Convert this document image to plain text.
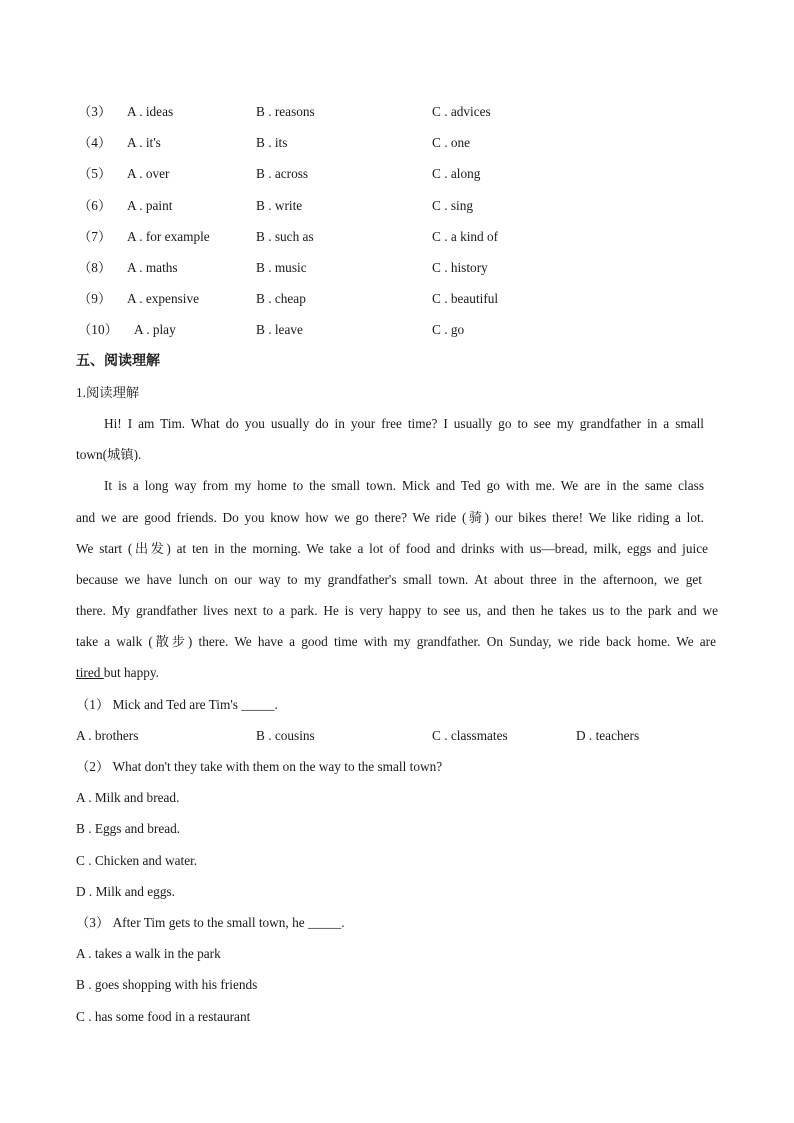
（3） A . ideas	B . reasons	C . advices
（4） A . it's	B . its	C . one
（5） A . over	B . across	C . along
（6） A . paint	B . write	C . sing
（7） A . for example	B . such as	C . a kind of
（8） A . maths	B . music	C . history
（9） A . expensive	B . cheap	C . beautiful
（10） A . play	B . leave	C . go
五、阅读理解
1.阅读理解
Hi! I am Tim. What do you usually do in your free time? I usually go to see my grandfather in a small
town(城镇).
It is a long way from my home to the small town. Mick and Ted go with me. We are in the same class
and we are good friends. Do you know how we go there? We ride (骑) our bikes there! We like riding a lot.
We start (出发) at ten in the morning. We take a lot of food and drinks with us—bread, milk, eggs and juice
because we have lunch on our way to my grandfather's small town. At about three in the afternoon, we get
there. My grandfather lives next to a park. He is very happy to see us, and then he takes us to the park and we
take a walk (散步) there. We have a good time with my grandfather. On Sunday, we ride back home. We are
tired but happy.
（1） Mick and Ted are Tim's _____.
A . brothers	B . cousins	C . classmates	D . teachers
（2） What don't they take with them on the way to the small town?
A . Milk and bread.
B . Eggs and bread.
C . Chicken and water.
D . Milk and eggs.
（3） After Tim gets to the small town, he _____.
A . takes a walk in the park
B . goes shopping with his friends
C . has some food in a restaurant
